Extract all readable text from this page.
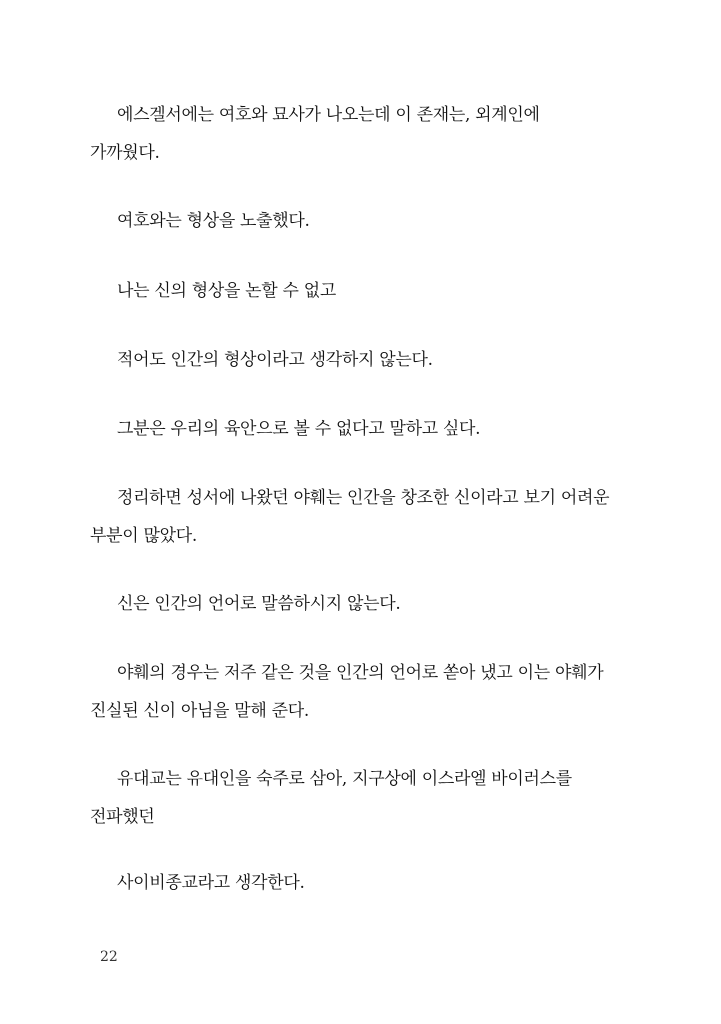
에스겔서에는 여호와 묘사가 나오는데 이 존재는, 외계인에 가까웠다.

여호와는 형상을 노출했다.

나는 신의 형상을 논할 수 없고

적어도 인간의 형상이라고 생각하지 않는다.

그분은 우리의 육안으로 볼 수 없다고 말하고 싶다.

정리하면 성서에 나왔던 야훼는 인간을 창조한 신이라고 보기 어려운 부분이 많았다.

신은 인간의 언어로 말씀하시지 않는다.

야훼의 경우는 저주 같은 것을 인간의 언어로 쏟아 냈고 이는 야훼가 진실된 신이 아님을 말해 준다.

유대교는 유대인을 숙주로 삼아, 지구상에 이스라엘 바이러스를 전파했던

사이비종교라고 생각한다.

22
